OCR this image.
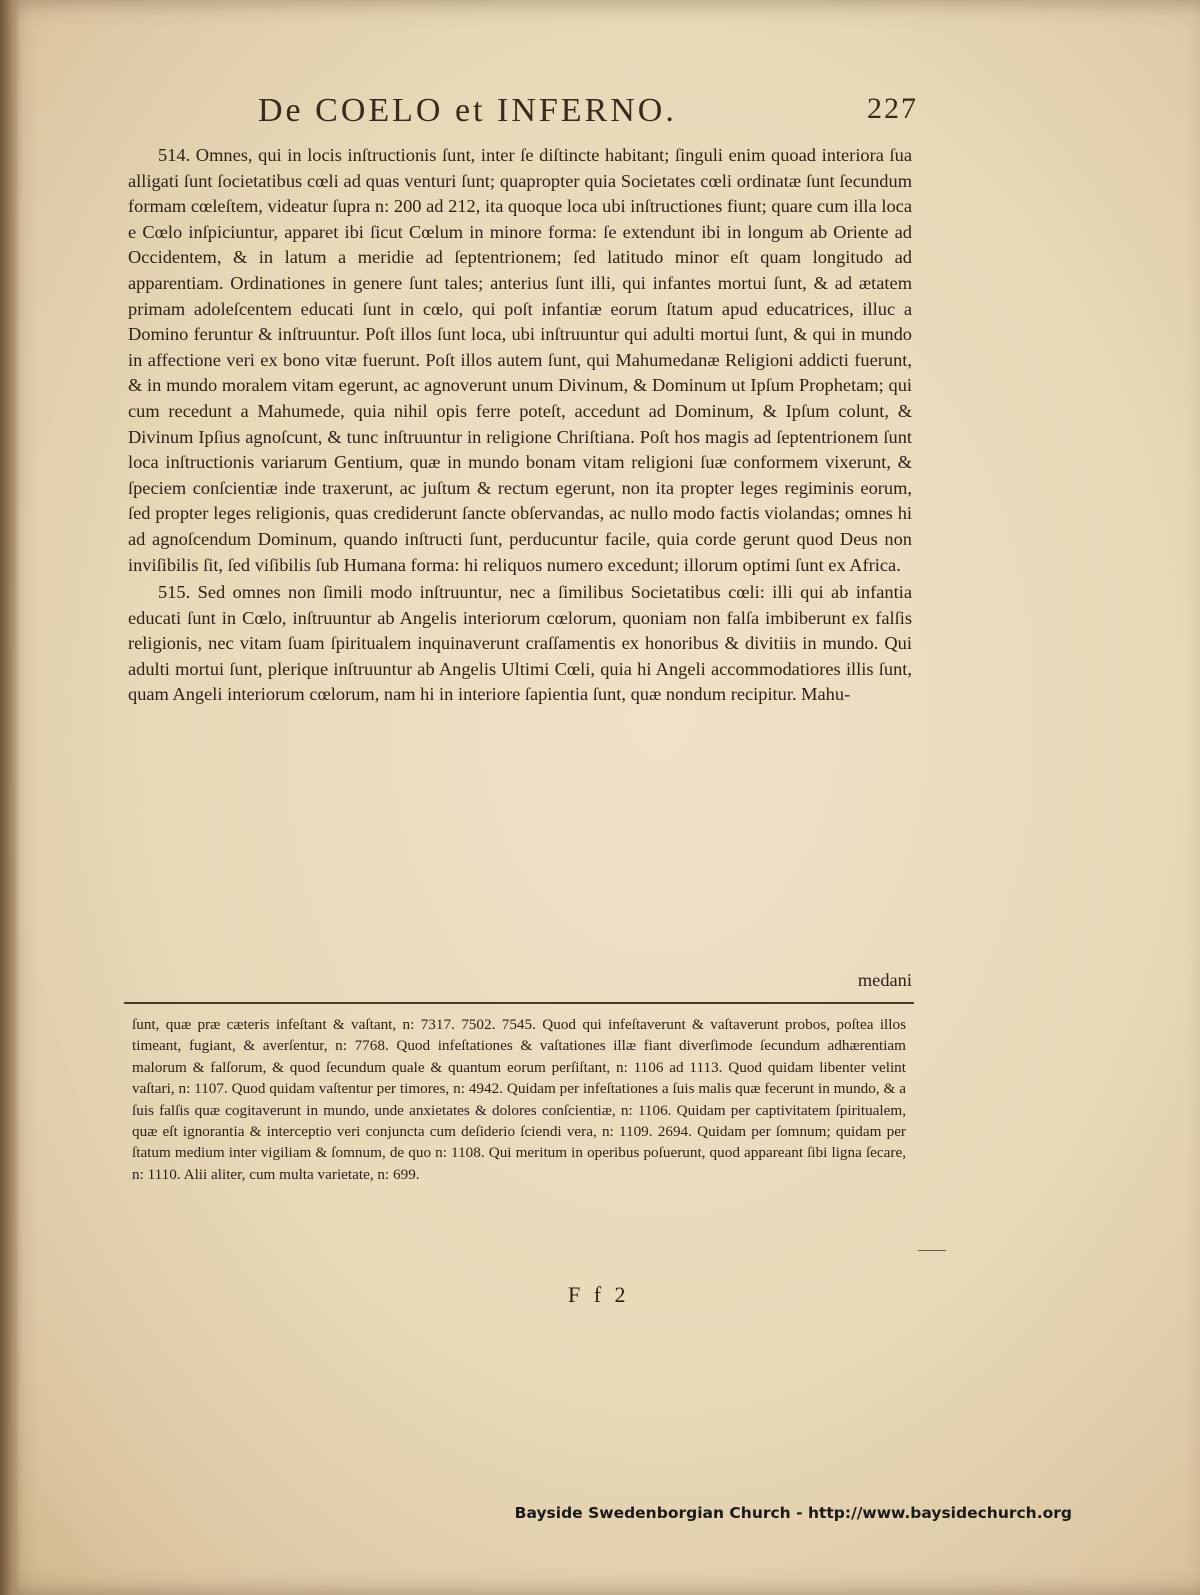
De COELO et INFERNO.	227

514. Omnes, qui in locis inſtructionis ſunt, inter ſe diſtincte habitant; ſinguli enim quoad interiora ſua alligati ſunt ſocietatibus cœli ad quas venturi ſunt; quapropter quia Societates cœli ordinatæ ſunt ſecundum formam cœleſtem, videatur ſupra n: 200 ad 212, ita quoque loca ubi inſtructiones fiunt; quare cum illa loca e Cœlo inſpiciuntur, apparet ibi ſicut Cœlum in minore forma: ſe extendunt ibi in longum ab Oriente ad Occidentem, & in latum a meridie ad ſeptentrionem; ſed latitudo minor eſt quam longitudo ad apparentiam. Ordinationes in genere ſunt tales; anterius ſunt illi, qui infantes mortui ſunt, & ad ætatem primam adoleſcentem educati ſunt in cœlo, qui poſt infantiæ eorum ſtatum apud educatrices, illuc a Domino feruntur & inſtruuntur. Poſt illos ſunt loca, ubi inſtruuntur qui adulti mortui ſunt, & qui in mundo in affectione veri ex bono vitæ fuerunt. Poſt illos autem ſunt, qui Mahumedanæ Religioni addicti fuerunt, & in mundo moralem vitam egerunt, ac agnoverunt unum Divinum, & Dominum ut Ipſum Prophetam; qui cum recedunt a Mahumede, quia nihil opis ferre poteſt, accedunt ad Dominum, & Ipſum colunt, & Divinum Ipſius agnoſcunt, & tunc inſtruuntur in religione Chriſtiana. Poſt hos magis ad ſeptentrionem ſunt loca inſtructionis variarum Gentium, quæ in mundo bonam vitam religioni ſuæ conformem vixerunt, & ſpeciem conſcientiæ inde traxerunt, ac juſtum & rectum egerunt, non ita propter leges regiminis eorum, ſed propter leges religionis, quas crediderunt ſancte obſervandas, ac nullo modo factis violandas; omnes hi ad agnoſcendum Dominum, quando inſtructi ſunt, perducuntur facile, quia corde gerunt quod Deus non inviſibilis ſit, ſed viſibilis ſub Humana forma: hi reliquos numero excedunt; illorum optimi ſunt ex Africa.

515. Sed omnes non ſimili modo inſtruuntur, nec a ſimilibus Societatibus cœli: illi qui ab infantia educati ſunt in Cœlo, inſtruuntur ab Angelis interiorum cœlorum, quoniam non falſa imbiberunt ex falſis religionis, nec vitam ſuam ſpiritualem inquinaverunt craſſamentis ex honoribus & divitiis in mundo. Qui adulti mortui ſunt, plerique inſtruuntur ab Angelis Ultimi Cœli, quia hi Angeli accommodatiores illis ſunt, quam Angeli interiorum cœlorum, nam hi in interiore ſapientia ſunt, quæ nondum recipitur. Mahu-

medani
ſunt, quæ præ cæteris infeſtant & vaſtant, n: 7317. 7502. 7545. Quod qui infeſtaverunt & vaſtaverunt probos, poſtea illos timeant, fugiant, & averſentur, n: 7768. Quod infeſtationes & vaſtationes illæ fiant diverſimode ſecundum adhærentiam malorum & falſorum, & quod ſecundum quale & quantum eorum perſiſtant, n: 1106 ad 1113. Quod quidam libenter velint vaſtari, n: 1107. Quod quidam vaſtentur per timores, n: 4942. Quidam per infeſtationes a ſuis malis quæ fecerunt in mundo, & a ſuis falſis quæ cogitaverunt in mundo, unde anxietates & dolores conſcientiæ, n: 1106. Quidam per captivitatem ſpiritualem, quæ eſt ignorantia & interceptio veri conjuncta cum deſiderio ſciendi vera, n: 1109. 2694. Quidam per ſomnum; quidam per ſtatum medium inter vigiliam & ſomnum, de quo n: 1108. Qui meritum in operibus poſuerunt, quod appareant ſibi ligna ſecare, n: 1110. Alii aliter, cum multa varietate, n: 699.
F f 2
Bayside Swedenborgian Church - http://www.baysidechurch.org
